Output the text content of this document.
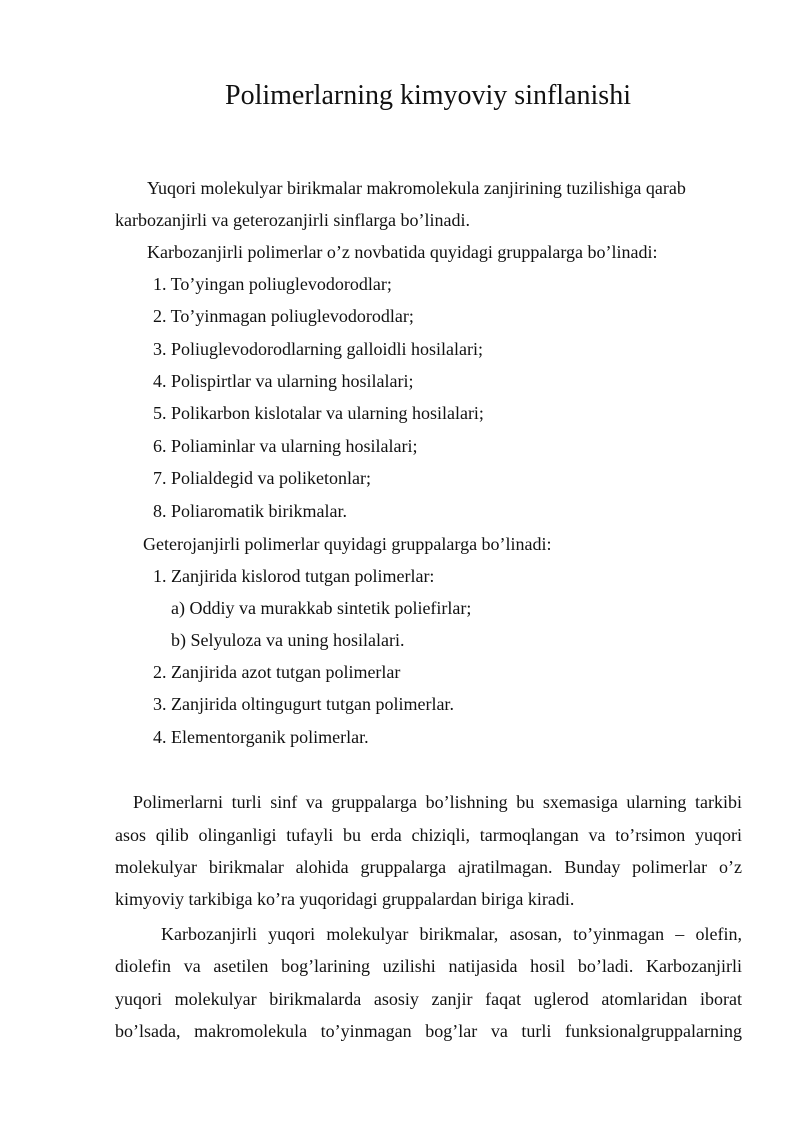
Polimerlarning kimyoviy sinflanishi
Yuqori molekulyar birikmalar makromolekula zanjirining tuzilishiga qarab
karbozanjirli va geterozanjirli sinflarga bo’linadi.
Karbozanjirli polimerlar o’z novbatida quyidagi gruppalarga bo’linadi:
1. To’yingan poliuglevodorodlar;
2. To’yinmagan poliuglevodorodlar;
3. Poliuglevodorodlarning galloidli hosilalari;
4. Polispirtlar va ularning hosilalari;
5. Polikarbon kislotalar va ularning hosilalari;
6. Poliaminlar va ularning hosilalari;
7. Polialdegid va poliketonlar;
8. Poliaromatik birikmalar.
Geterojanjirli polimerlar quyidagi gruppalarga bo’linadi:
1. Zanjirida kislorod tutgan polimerlar:
a) Oddiy va murakkab sintetik poliefirlar;
b) Selyuloza va uning hosilalari.
2. Zanjirida azot tutgan polimerlar
3. Zanjirida oltingugurt tutgan polimerlar.
4. Elementorganik polimerlar.
Polimerlarni turli sinf va gruppalarga bo’lishning bu sxemasiga ularning tarkibi
asos qilib olinganligi tufayli bu erda chiziqli, tarmoqlangan va to’rsimon yuqori
molekulyar birikmalar alohida gruppalarga ajratilmagan. Bunday polimerlar o’z
kimyoviy tarkibiga ko’ra yuqoridagi gruppalardan biriga kiradi.
Karbozanjirli yuqori molekulyar birikmalar, asosan, to’yinmagan – olefin,
diolefin va asetilen bog’larining uzilishi natijasida hosil bo’ladi. Karbozanjirli
yuqori molekulyar birikmalarda asosiy zanjir faqat uglerod atomlaridan iborat
bo’lsada, makromolekula to’yinmagan bog’lar va turli funksionalgruppalarning
